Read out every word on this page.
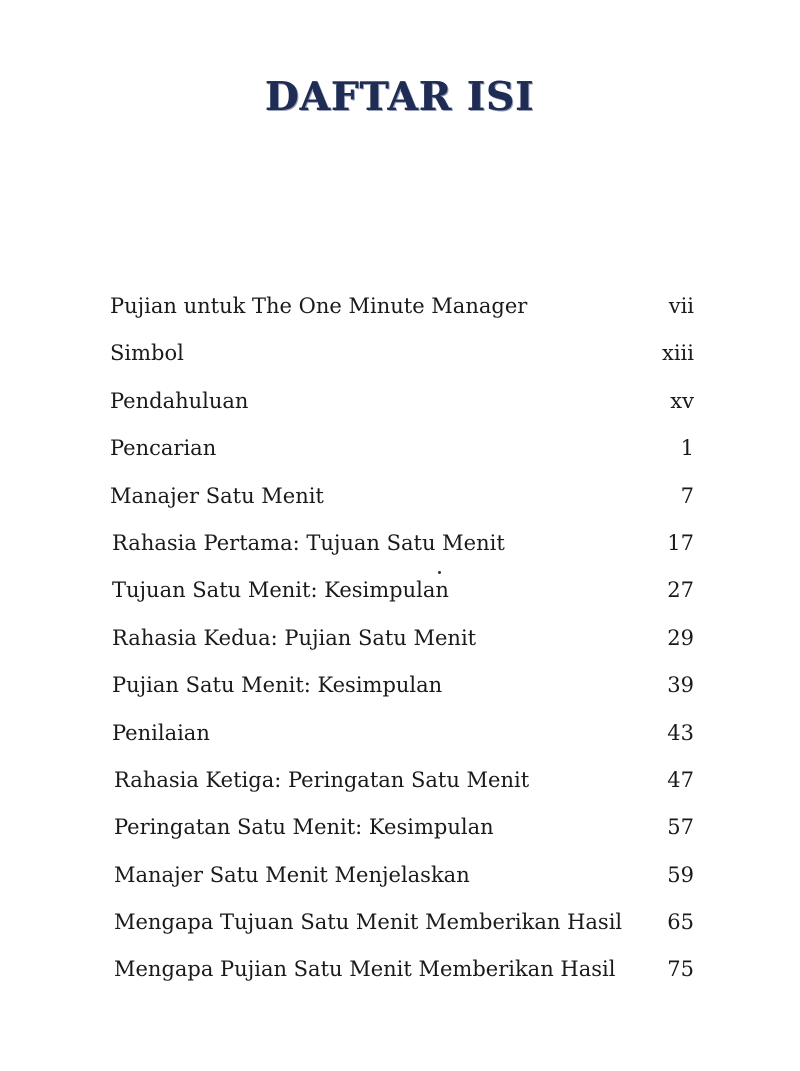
DAFTAR ISI
Pujian untuk The One Minute Manager	vii
Simbol	xiii
Pendahuluan	xv
Pencarian	1
Manajer Satu Menit	7
Rahasia Pertama: Tujuan Satu Menit	17
Tujuan Satu Menit: Kesimpulan	27
Rahasia Kedua: Pujian Satu Menit	29
Pujian Satu Menit: Kesimpulan	39
Penilaian	43
Rahasia Ketiga: Peringatan Satu Menit	47
Peringatan Satu Menit: Kesimpulan	57
Manajer Satu Menit Menjelaskan	59
Mengapa Tujuan Satu Menit Memberikan Hasil 65
Mengapa Pujian Satu Menit Memberikan Hasil 75
